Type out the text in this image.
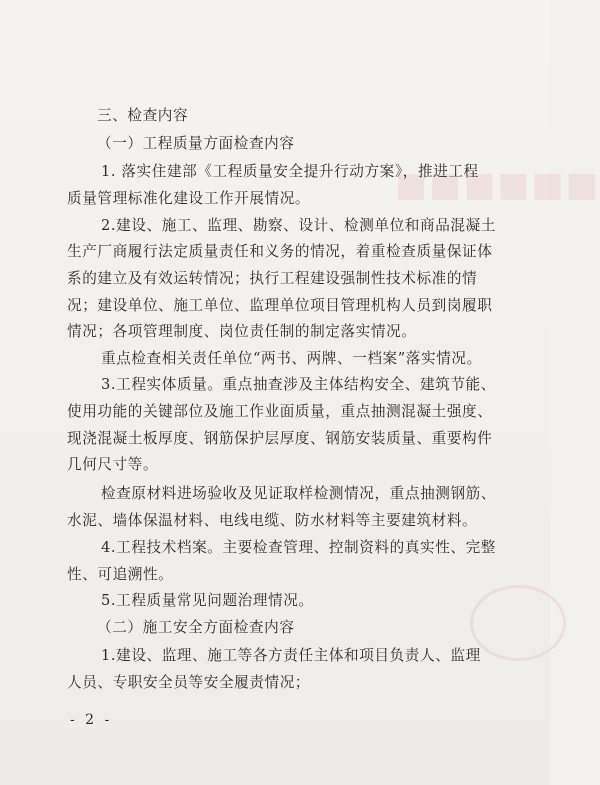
■■■■■■
三、检查内容
（一）工程质量方面检查内容
1. 落实住建部《工程质量安全提升行动方案》，推进工程
质量管理标准化建设工作开展情况。
2.建设、施工、监理、勘察、设计、检测单位和商品混凝土
生产厂商履行法定质量责任和义务的情况，着重检查质量保证体
系的建立及有效运转情况；执行工程建设强制性技术标准的情
况；建设单位、施工单位、监理单位项目管理机构人员到岗履职
情况；各项管理制度、岗位责任制的制定落实情况。
重点检查相关责任单位“两书、两牌、一档案”落实情况。
3.工程实体质量。重点抽查涉及主体结构安全、建筑节能、
使用功能的关键部位及施工作业面质量，重点抽测混凝土强度、
现浇混凝土板厚度、钢筋保护层厚度、钢筋安装质量、重要构件
几何尺寸等。
检查原材料进场验收及见证取样检测情况，重点抽测钢筋、
水泥、墙体保温材料、电线电缆、防水材料等主要建筑材料。
4.工程技术档案。主要检查管理、控制资料的真实性、完整
性、可追溯性。
5.工程质量常见问题治理情况。
（二）施工安全方面检查内容
1.建设、监理、施工等各方责任主体和项目负责人、监理
人员、专职安全员等安全履责情况；
- 2 -
